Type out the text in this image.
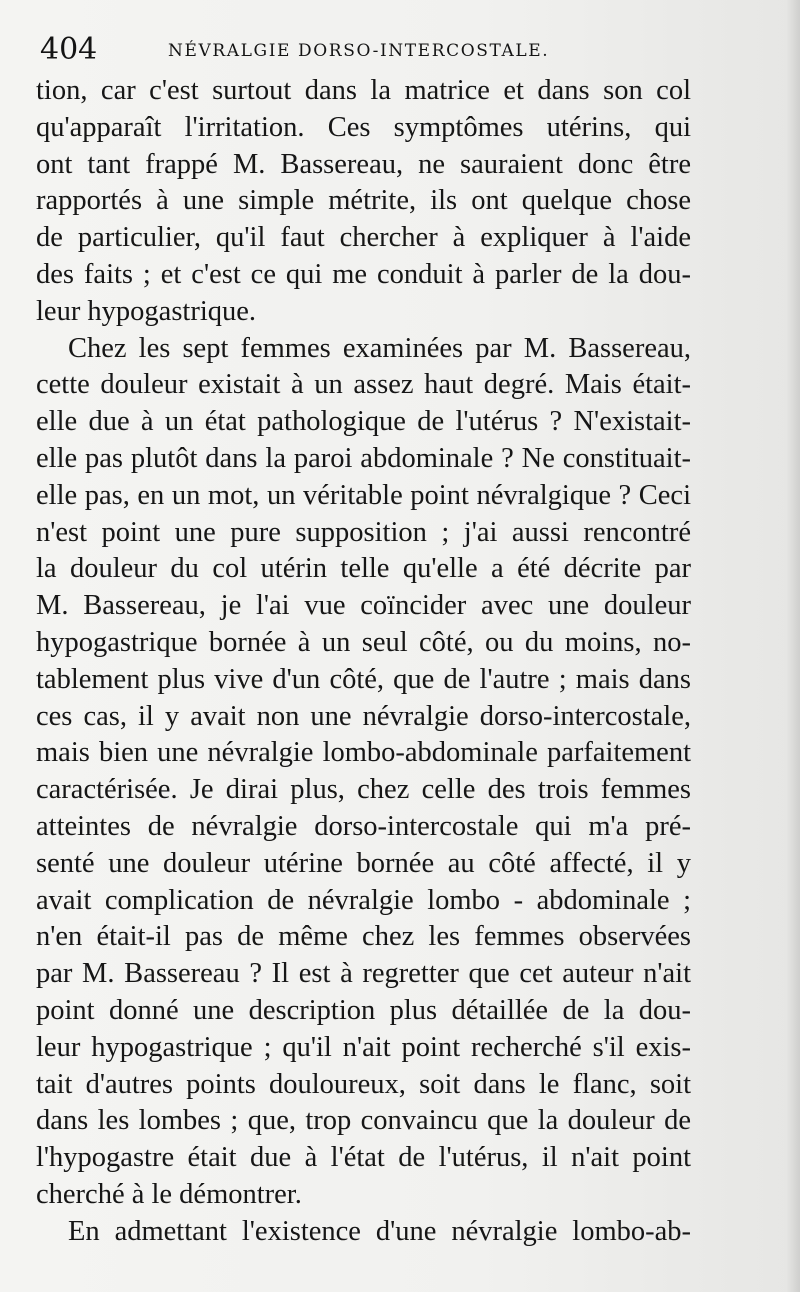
404	NÉVRALGIE DORSO-INTERCOSTALE.
tion, car c'est surtout dans la matrice et dans son col
qu'apparaît l'irritation. Ces symptômes utérins, qui
ont tant frappé M. Bassereau, ne sauraient donc être
rapportés à une simple métrite, ils ont quelque chose
de particulier, qu'il faut chercher à expliquer à l'aide
des faits ; et c'est ce qui me conduit à parler de la dou-
leur hypogastrique.
Chez les sept femmes examinées par M. Bassereau,
cette douleur existait à un assez haut degré. Mais était-
elle due à un état pathologique de l'utérus ? N'existait-
elle pas plutôt dans la paroi abdominale ? Ne constituait-
elle pas, en un mot, un véritable point névralgique ? Ceci
n'est point une pure supposition ; j'ai aussi rencontré
la douleur du col utérin telle qu'elle a été décrite par
M. Bassereau, je l'ai vue coïncider avec une douleur
hypogastrique bornée à un seul côté, ou du moins, no-
tablement plus vive d'un côté, que de l'autre ; mais dans
ces cas, il y avait non une névralgie dorso-intercostale,
mais bien une névralgie lombo-abdominale parfaitement
caractérisée. Je dirai plus, chez celle des trois femmes
atteintes de névralgie dorso-intercostale qui m'a pré-
senté une douleur utérine bornée au côté affecté, il y
avait complication de névralgie lombo - abdominale ;
n'en était-il pas de même chez les femmes observées
par M. Bassereau ? Il est à regretter que cet auteur n'ait
point donné une description plus détaillée de la dou-
leur hypogastrique ; qu'il n'ait point recherché s'il exis-
tait d'autres points douloureux, soit dans le flanc, soit
dans les lombes ; que, trop convaincu que la douleur de
l'hypogastre était due à l'état de l'utérus, il n'ait point
cherché à le démontrer.
En admettant l'existence d'une névralgie lombo-ab-
